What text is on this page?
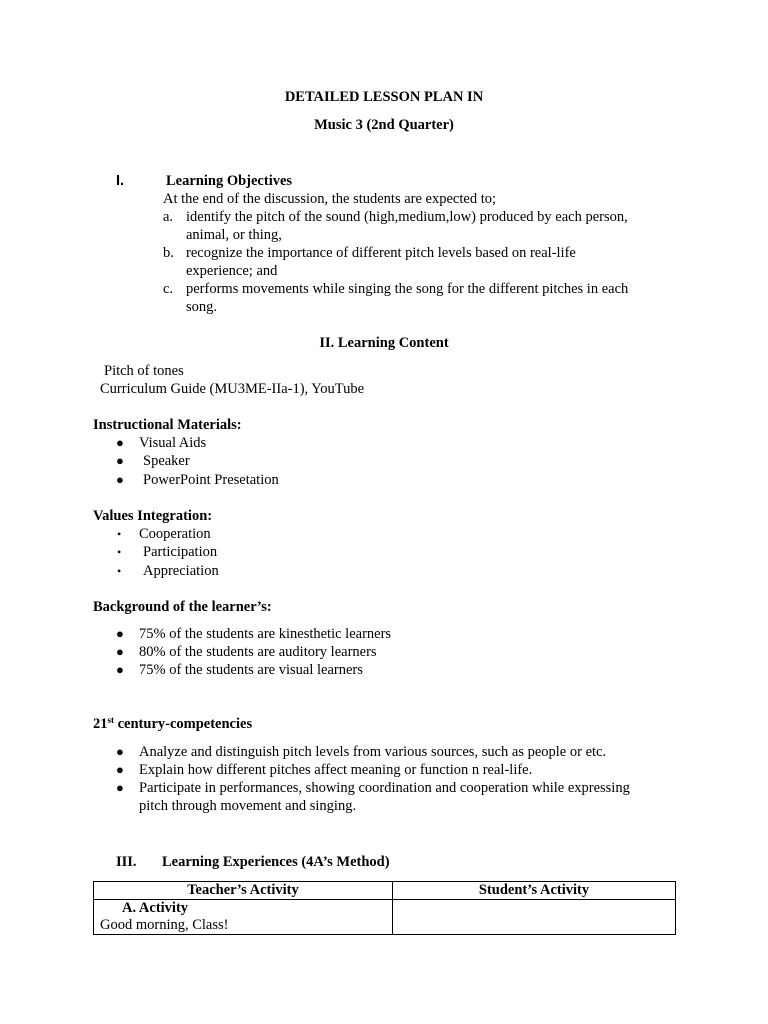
DETAILED LESSON PLAN IN
Music 3 (2nd Quarter)
I.	Learning Objectives
At the end of the discussion, the students are expected to;
a. identify the pitch of the sound (high,medium,low) produced by each person,
animal, or thing,
b. recognize the importance of different pitch levels based on real-life
experience; and
c. performs movements while singing the song for the different pitches in each
song.
II. Learning Content
Pitch of tones
Curriculum Guide (MU3ME-IIa-1), YouTube
Instructional Materials:
● Visual Aids
● Speaker
● PowerPoint Presetation
Values Integration:
• Cooperation
• Participation
• Appreciation
Background of the learner’s:
● 75% of the students are kinesthetic learners
● 80% of the students are auditory learners
● 75% of the students are visual learners
21st century-competencies
● Analyze and distinguish pitch levels from various sources, such as people or etc.
● Explain how different pitches affect meaning or function n real-life.
● Participate in performances, showing coordination and cooperation while expressing
pitch through movement and singing.
III. Learning Experiences (4A’s Method)
Teacher’s Activity	Student’s Activity

A. Activity
Good morning, Class!	
